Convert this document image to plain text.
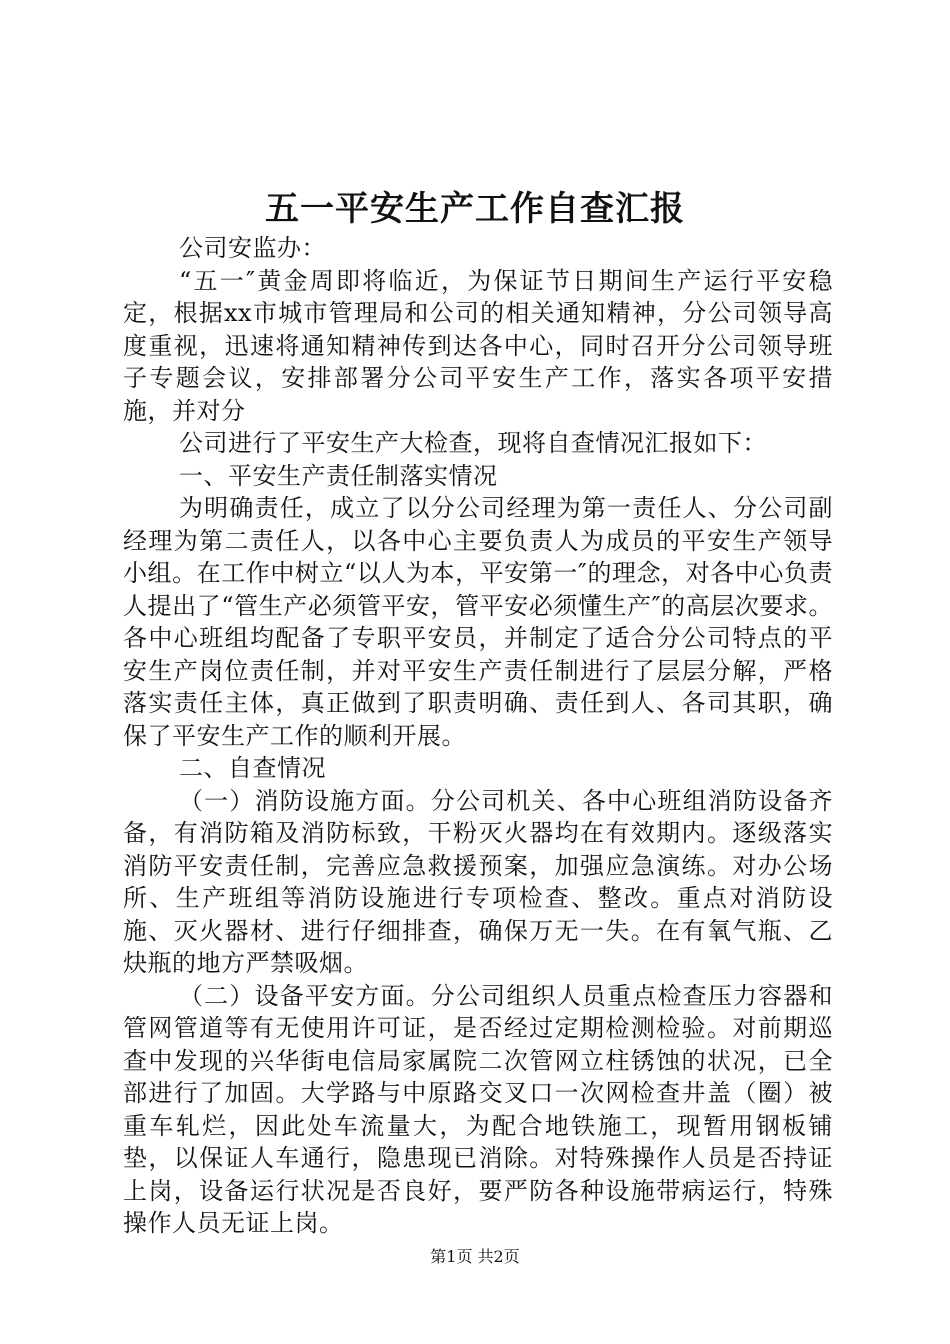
五一平安生产工作自查汇报

公司安监办：

“五一″黄金周即将临近，为保证节日期间生产运行平安稳定，根据xx市城市管理局和公司的相关通知精神，分公司领导高度重视，迅速将通知精神传到达各中心，同时召开分公司领导班子专题会议，安排部署分公司平安生产工作，落实各项平安措施，并对分

公司进行了平安生产大检查，现将自查情况汇报如下：

一、平安生产责任制落实情况

为明确责任，成立了以分公司经理为第一责任人、分公司副经理为第二责任人，以各中心主要负责人为成员的平安生产领导小组。在工作中树立“以人为本，平安第一″的理念，对各中心负责人提出了“管生产必须管平安，管平安必须懂生产″的高层次要求。各中心班组均配备了专职平安员，并制定了适合分公司特点的平安生产岗位责任制，并对平安生产责任制进行了层层分解，严格落实责任主体，真正做到了职责明确、责任到人、各司其职，确保了平安生产工作的顺利开展。

二、自查情况

（一）消防设施方面。分公司机关、各中心班组消防设备齐备，有消防箱及消防标致，干粉灭火器均在有效期内。逐级落实消防平安责任制，完善应急救援预案，加强应急演练。对办公场所、生产班组等消防设施进行专项检查、整改。重点对消防设施、灭火器材、进行仔细排查，确保万无一失。在有氧气瓶、乙炔瓶的地方严禁吸烟。

（二）设备平安方面。分公司组织人员重点检查压力容器和管网管道等有无使用许可证，是否经过定期检测检验。对前期巡查中发现的兴华街电信局家属院二次管网立柱锈蚀的状况，已全部进行了加固。大学路与中原路交叉口一次网检查井盖（圈）被重车轧烂，因此处车流量大，为配合地铁施工，现暂用钢板铺垫，以保证人车通行，隐患现已消除。对特殊操作人员是否持证上岗，设备运行状况是否良好，要严防各种设施带病运行，特殊操作人员无证上岗。

第1页 共2页
